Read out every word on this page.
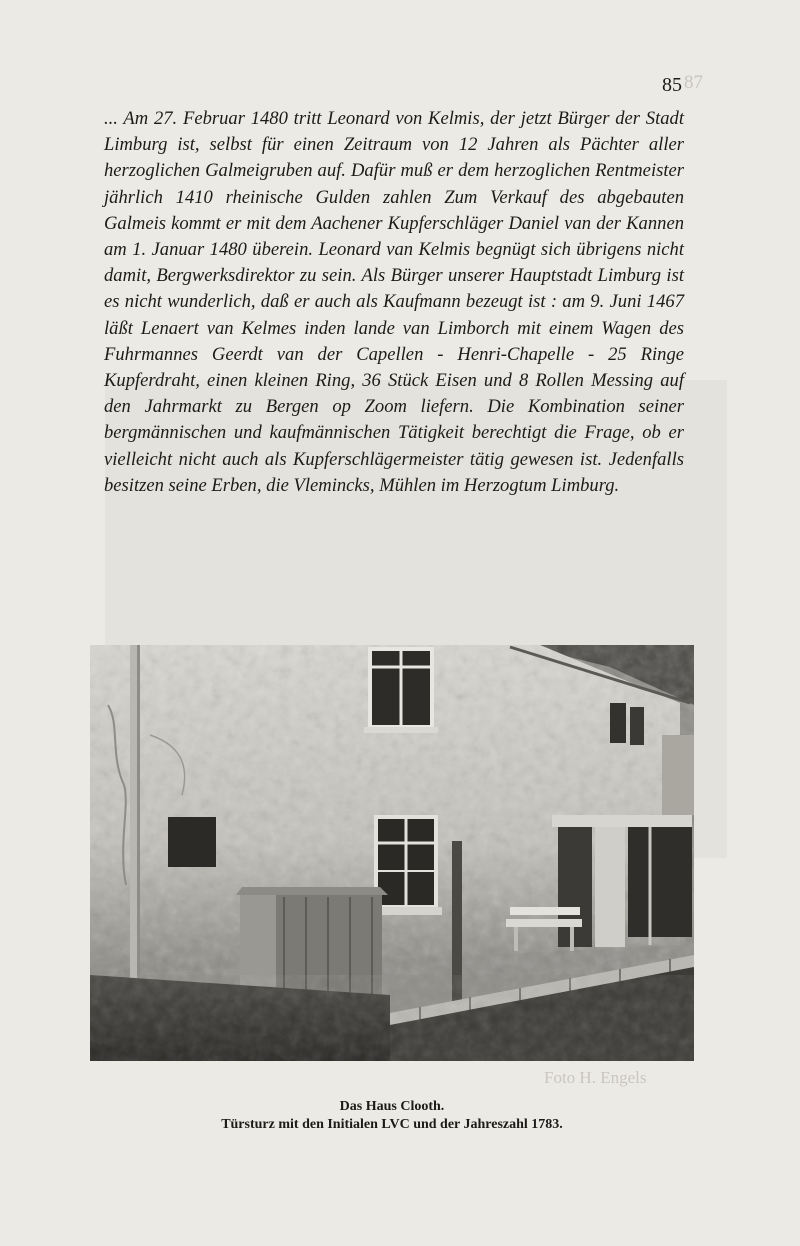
87
Foto H. Engels
85

... Am 27. Februar 1480 tritt Leonard von Kelmis, der jetzt Bürger der Stadt Limburg ist, selbst für einen Zeitraum von 12 Jahren als Pächter aller herzoglichen Galmeigruben auf. Dafür muß er dem herzoglichen Rentmeister jährlich 1410 rheinische Gulden zahlen Zum Verkauf des abgebauten Galmeis kommt er mit dem Aachener Kupferschläger Daniel van der Kannen am 1. Januar 1480 überein. Leonard van Kelmis begnügt sich übrigens nicht damit, Bergwerksdirektor zu sein. Als Bürger unserer Hauptstadt Limburg ist es nicht wunderlich, daß er auch als Kaufmann bezeugt ist : am 9. Juni 1467 läßt Lenaert van Kelmes inden lande van Limborch mit einem Wagen des Fuhrmannes Geerdt van der Capellen - Henri-Chapelle - 25 Ringe Kupferdraht, einen kleinen Ring, 36 Stück Eisen und 8 Rollen Messing auf den Jahrmarkt zu Bergen op Zoom liefern. Die Kombination seiner bergmännischen und kaufmännischen Tätigkeit berechtigt die Frage, ob er vielleicht nicht auch als Kupferschlägermeister tätig gewesen ist. Jedenfalls besitzen seine Erben, die Vlemincks, Mühlen im Herzogtum Limburg.

Das Haus Clooth.
Türsturz mit den Initialen LVC und der Jahreszahl 1783.
